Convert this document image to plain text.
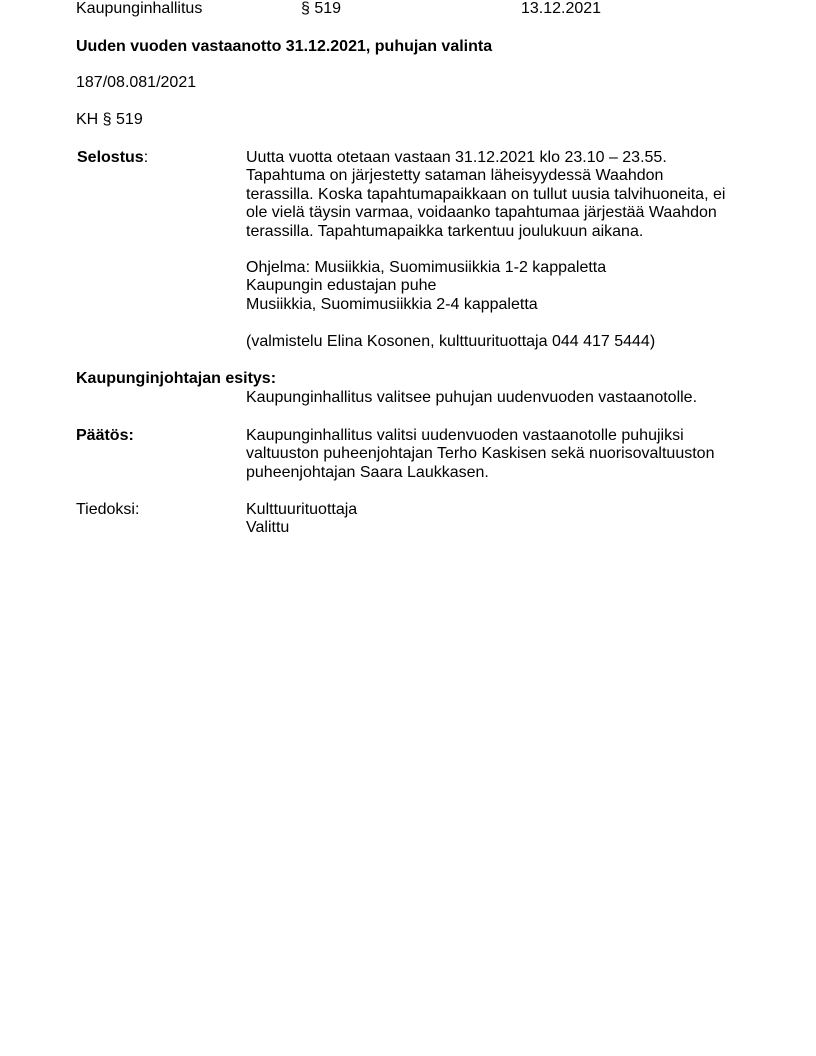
Kaupunginhallitus	§ 519	13.12.2021
Uuden vuoden vastaanotto 31.12.2021, puhujan valinta
187/08.081/2021
KH § 519
Selostus:	Uutta vuotta otetaan vastaan 31.12.2021 klo 23.10 – 23.55.
Tapahtuma on järjestetty sataman läheisyydessä Waahdon
terassilla. Koska tapahtumapaikkaan on tullut uusia talvihuoneita, ei
ole vielä täysin varmaa, voidaanko tapahtumaa järjestää Waahdon
terassilla. Tapahtumapaikka tarkentuu joulukuun aikana.
Ohjelma: Musiikkia, Suomimusiikkia 1-2 kappaletta
Kaupungin edustajan puhe
Musiikkia, Suomimusiikkia 2-4 kappaletta
(valmistelu Elina Kosonen, kulttuurituottaja 044 417 5444)
Kaupunginjohtajan esitys:
Kaupunginhallitus valitsee puhujan uudenvuoden vastaanotolle.
Päätös:	Kaupunginhallitus valitsi uudenvuoden vastaanotolle puhujiksi
valtuuston puheenjohtajan Terho Kaskisen sekä nuorisovaltuuston
puheenjohtajan Saara Laukkasen.
Tiedoksi:	Kulttuurituottaja
Valittu
